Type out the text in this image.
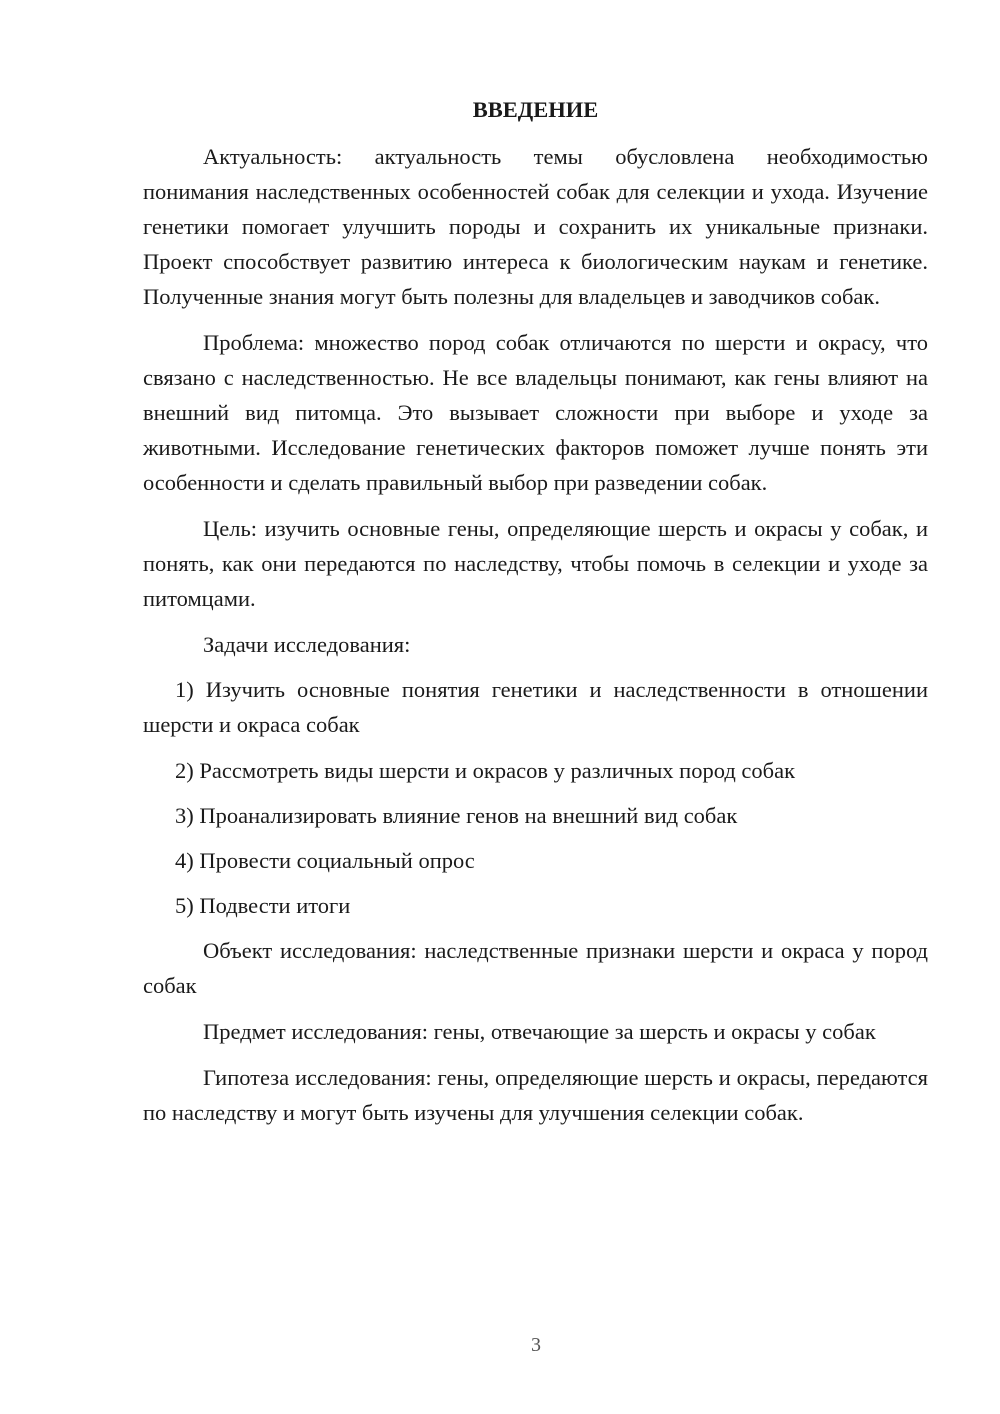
ВВЕДЕНИЕ

Актуальность: актуальность темы обусловлена необходимостью понимания наследственных особенностей собак для селекции и ухода. Изучение генетики помогает улучшить породы и сохранить их уникальные признаки. Проект способствует развитию интереса к биологическим наукам и генетике. Полученные знания могут быть полезны для владельцев и заводчиков собак.

Проблема: множество пород собак отличаются по шерсти и окрасу, что связано с наследственностью. Не все владельцы понимают, как гены влияют на внешний вид питомца. Это вызывает сложности при выборе и уходе за животными. Исследование генетических факторов поможет лучше понять эти особенности и сделать правильный выбор при разведении собак.

Цель: изучить основные гены, определяющие шерсть и окрасы у собак, и понять, как они передаются по наследству, чтобы помочь в селекции и уходе за питомцами.

Задачи исследования:

1) Изучить основные понятия генетики и наследственности в отношении шерсти и окраса собак

2) Рассмотреть виды шерсти и окрасов у различных пород собак

3) Проанализировать влияние генов на внешний вид собак

4) Провести социальный опрос

5) Подвести итоги

Объект исследования: наследственные признаки шерсти и окраса у пород собак

Предмет исследования: гены, отвечающие за шерсть и окрасы у собак

Гипотеза исследования: гены, определяющие шерсть и окрасы, передаются по наследству и могут быть изучены для улучшения селекции собак.

3
